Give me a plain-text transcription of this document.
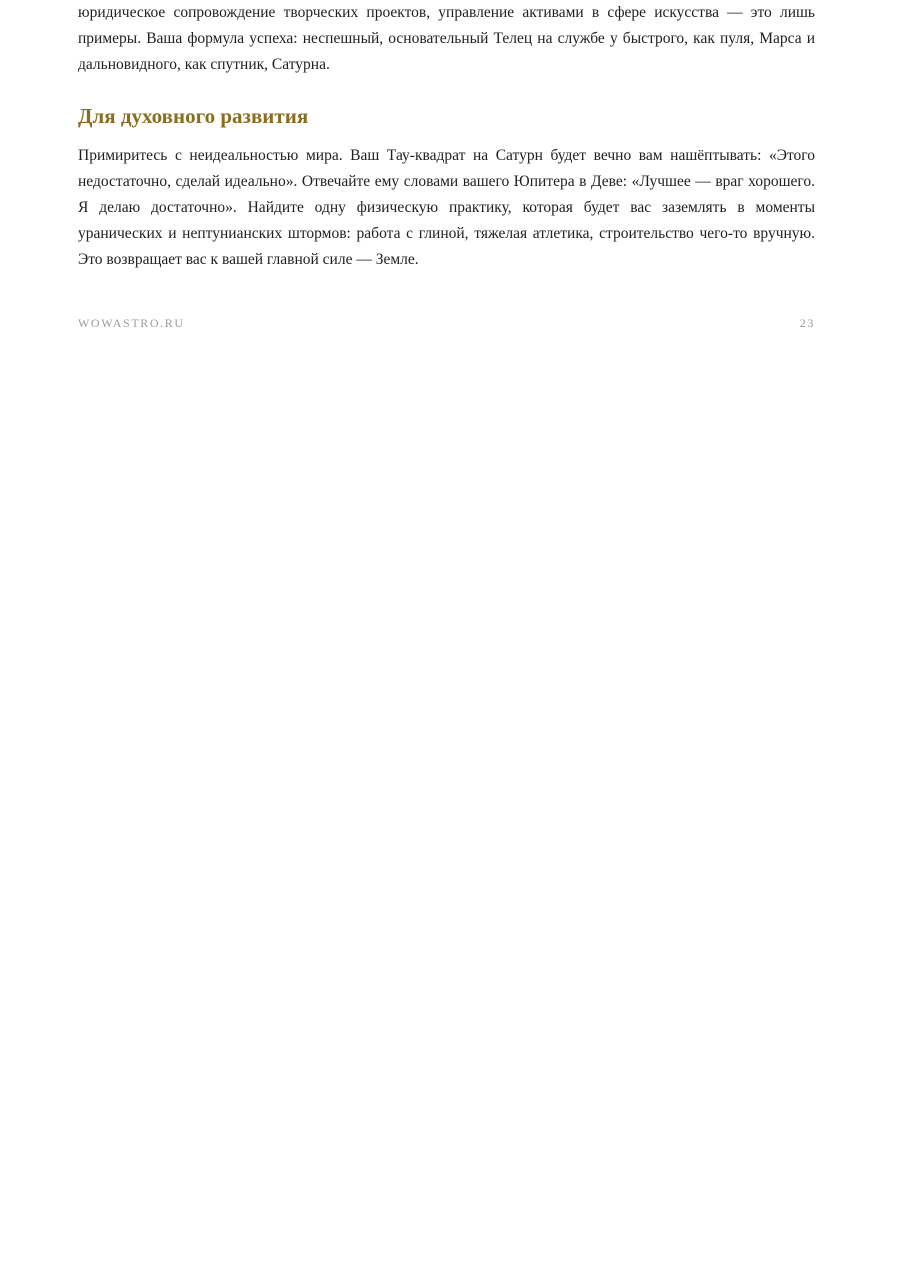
юридическое сопровождение творческих проектов, управление активами в сфере искусства — это лишь примеры. Ваша формула успеха: неспешный, основательный Телец на службе у быстрого, как пуля, Марса и дальновидного, как спутник, Сатурна.

Для духовного развития

Примиритесь с неидеальностью мира. Ваш Тау-квадрат на Сатурн будет вечно вам нашёптывать: «Этого недостаточно, сделай идеально». Отвечайте ему словами вашего Юпитера в Деве: «Лучшее — враг хорошего. Я делаю достаточно». Найдите одну физическую практику, которая будет вас заземлять в моменты уранических и нептунианских штормов: работа с глиной, тяжелая атлетика, строительство чего-то вручную. Это возвращает вас к вашей главной силе — Земле.

WOWASTRO.RU	23
